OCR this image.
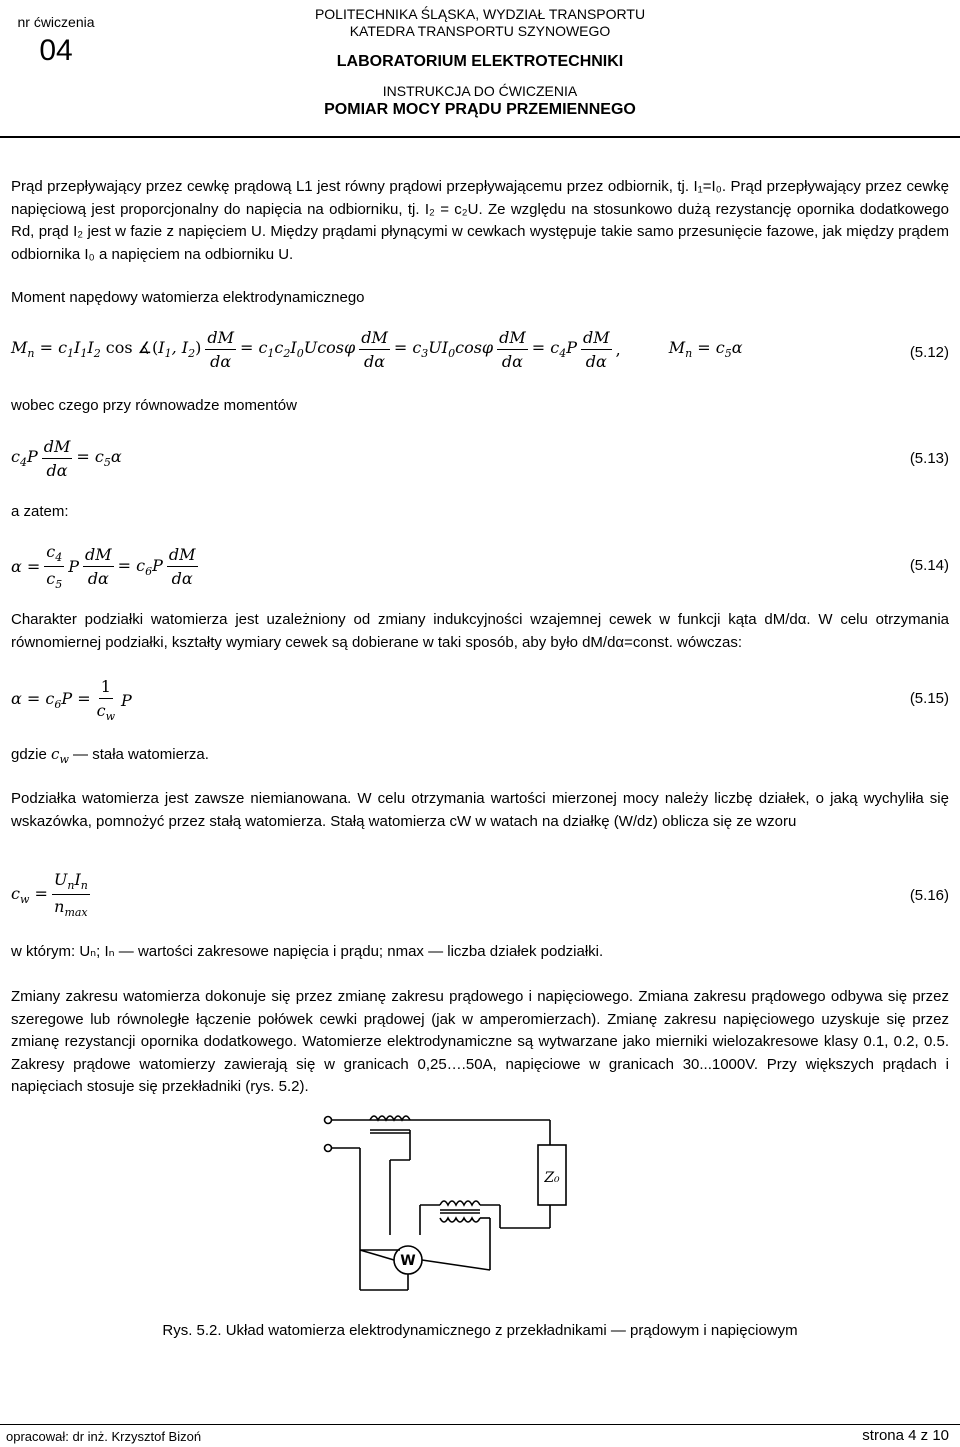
nr ćwiczenia
04
POLITECHNIKA ŚLĄSKA, WYDZIAŁ TRANSPORTU
KATEDRA TRANSPORTU SZYNOWEGO
LABORATORIUM ELEKTROTECHNIKI
INSTRUKCJA DO ĆWICZENIA
POMIAR MOCY PRĄDU PRZEMIENNEGO
Prąd przepływający przez cewkę prądową L1 jest równy prądowi przepływającemu przez odbiornik, tj. I₁=I₀. Prąd przepływający przez cewkę napięciową jest proporcjonalny do napięcia na odbiorniku, tj. I₂ = c₂U. Ze względu na stosunkowo dużą rezystancję opornika dodatkowego Rd, prąd I₂ jest w fazie z napięciem U. Między prądami płynącymi w cewkach występuje takie samo przesunięcie fazowe, jak między prądem odbiornika I₀ a napięciem na odbiorniku U.
Moment napędowy watomierza elektrodynamicznego
$M_n = c_1I_1I_2$ $\cos ∡(I_1$, $I_2) \frac{dM}{d\alpha} = c_1c_2I_0Ucos\varphi \frac{dM}{d\alpha} = c_3UI_0\cos\varphi \frac{dM}{d\alpha} = c_4P \frac{dM}{d\alpha}$ ,	$M_n = c_5\alpha$	(5.12)
wobec czego przy równowadze momentów
$c_4P \frac{dM}{d\alpha} = c_5\alpha$	(5.13)
a zatem:
$\alpha = \frac{c_4}{c_5}$ P $\frac{dM}{d\alpha} = c_6P \frac{dM}{d\alpha}$	(5.14)
Charakter podziałki watomierza jest uzależniony od zmiany indukcyjności wzajemnej cewek w funkcji kąta dM/dα. W celu otrzymania równomiernej podziałki, kształty wymiary cewek są dobierane w taki sposób, aby było dM/dα=const. wówczas:
$\alpha = c_6P = \frac{1}{c_w}$ P	(5.15)
gdzie $c_w$ — stała watomierza.
Podziałka watomierza jest zawsze niemianowana. W celu otrzymania wartości mierzonej mocy należy liczbę działek, o jaką wychyliła się wskazówka, pomnożyć przez stałą watomierza. Stałą watomierza cW w watach na działkę (W/dz) oblicza się ze wzoru
$c_w = \frac{U_nI_n}{n_{max}}$	(5.16)
w którym: Uₙ; Iₙ — wartości zakresowe napięcia i prądu; nmax — liczba działek podziałki.
Zmiany zakresu watomierza dokonuje się przez zmianę zakresu prądowego i napięciowego. Zmiana zakresu prądowego odbywa się przez szeregowe lub równoległe łączenie połówek cewki prądowej (jak w amperomierzach). Zmianę zakresu napięciowego uzyskuje się przez zmianę rezystancji opornika dodatkowego. Watomierze elektrodynamiczne są wytwarzane jako mierniki wielozakresowe klasy 0.1, 0.2, 0.5. Zakresy prądowe watomierzy zawierają się w granicach 0,25….50A, napięciowe w granicach 30...1000V. Przy większych prądach i napięciach stosuje się przekładniki (rys. 5.2).
Z₀
W
Rys. 5.2. Układ watomierza elektrodynamicznego z przekładnikami — prądowym i napięciowym
opracował: dr inż. Krzysztof Bizoń	strona 4 z 10
